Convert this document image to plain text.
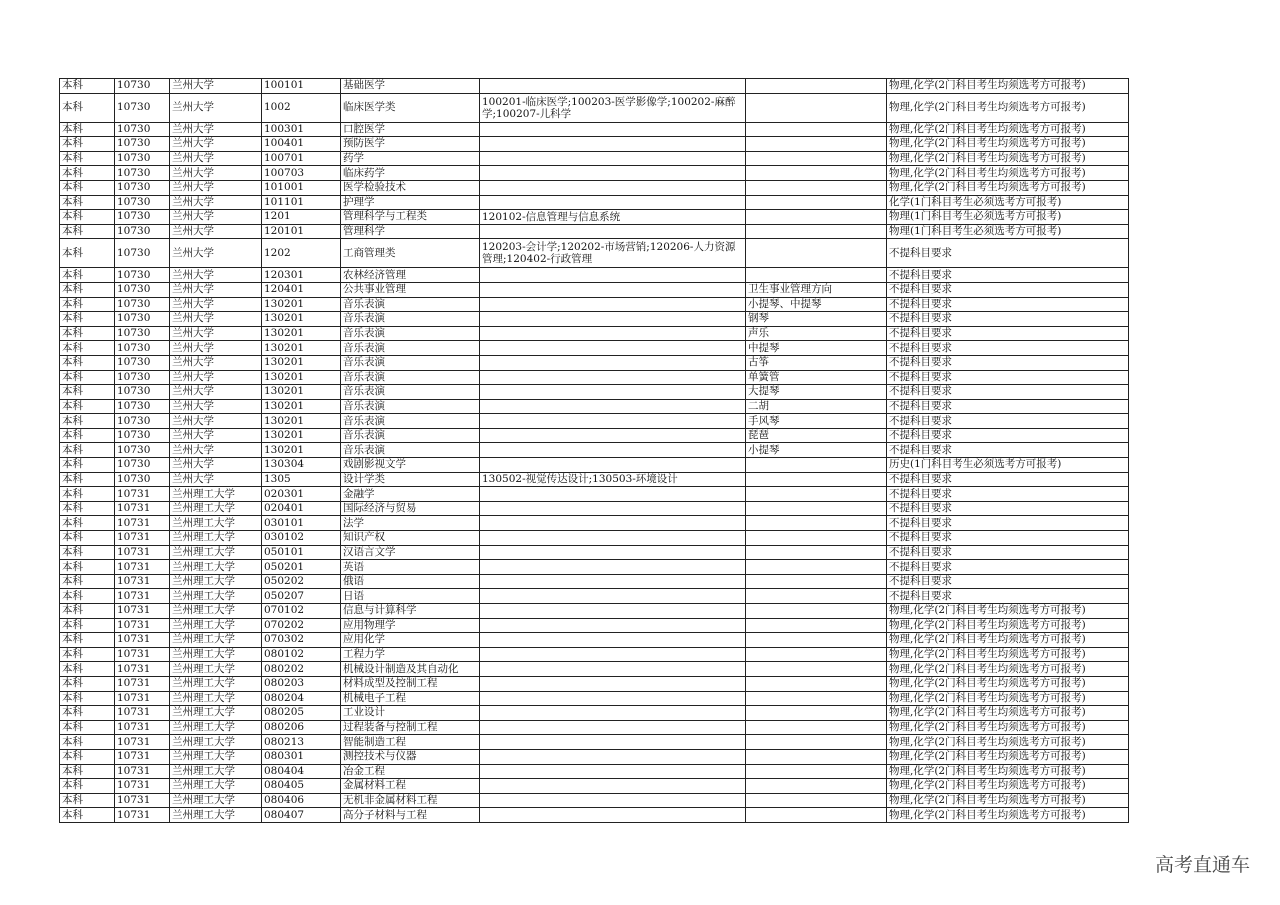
本科	10730	兰州大学	100101	基础医学			物理,化学(2门科目考生均须选考方可报考)
本科	10730	兰州大学	1002	临床医学类	100201-临床医学;100203-医学影像学;100202-麻醉学;100207-儿科学		物理,化学(2门科目考生均须选考方可报考)
本科	10730	兰州大学	100301	口腔医学			物理,化学(2门科目考生均须选考方可报考)
本科	10730	兰州大学	100401	预防医学			物理,化学(2门科目考生均须选考方可报考)
本科	10730	兰州大学	100701	药学			物理,化学(2门科目考生均须选考方可报考)
本科	10730	兰州大学	100703	临床药学			物理,化学(2门科目考生均须选考方可报考)
本科	10730	兰州大学	101001	医学检验技术			物理,化学(2门科目考生均须选考方可报考)
本科	10730	兰州大学	101101	护理学			化学(1门科目考生必须选考方可报考)
本科	10730	兰州大学	1201	管理科学与工程类	120102-信息管理与信息系统		物理(1门科目考生必须选考方可报考)
本科	10730	兰州大学	120101	管理科学			物理(1门科目考生必须选考方可报考)
本科	10730	兰州大学	1202	工商管理类	120203-会计学;120202-市场营销;120206-人力资源管理;120402-行政管理		不提科目要求
本科	10730	兰州大学	120301	农林经济管理			不提科目要求
本科	10730	兰州大学	120401	公共事业管理		卫生事业管理方向	不提科目要求
本科	10730	兰州大学	130201	音乐表演		小提琴、中提琴	不提科目要求
本科	10730	兰州大学	130201	音乐表演		钢琴	不提科目要求
本科	10730	兰州大学	130201	音乐表演		声乐	不提科目要求
本科	10730	兰州大学	130201	音乐表演		中提琴	不提科目要求
本科	10730	兰州大学	130201	音乐表演		古筝	不提科目要求
本科	10730	兰州大学	130201	音乐表演		单簧管	不提科目要求
本科	10730	兰州大学	130201	音乐表演		大提琴	不提科目要求
本科	10730	兰州大学	130201	音乐表演		二胡	不提科目要求
本科	10730	兰州大学	130201	音乐表演		手风琴	不提科目要求
本科	10730	兰州大学	130201	音乐表演		琵琶	不提科目要求
本科	10730	兰州大学	130201	音乐表演		小提琴	不提科目要求
本科	10730	兰州大学	130304	戏剧影视文学			历史(1门科目考生必须选考方可报考)
本科	10730	兰州大学	1305	设计学类	130502-视觉传达设计;130503-环境设计		不提科目要求
本科	10731	兰州理工大学	020301	金融学			不提科目要求
本科	10731	兰州理工大学	020401	国际经济与贸易			不提科目要求
本科	10731	兰州理工大学	030101	法学			不提科目要求
本科	10731	兰州理工大学	030102	知识产权			不提科目要求
本科	10731	兰州理工大学	050101	汉语言文学			不提科目要求
本科	10731	兰州理工大学	050201	英语			不提科目要求
本科	10731	兰州理工大学	050202	俄语			不提科目要求
本科	10731	兰州理工大学	050207	日语			不提科目要求
本科	10731	兰州理工大学	070102	信息与计算科学			物理,化学(2门科目考生均须选考方可报考)
本科	10731	兰州理工大学	070202	应用物理学			物理,化学(2门科目考生均须选考方可报考)
本科	10731	兰州理工大学	070302	应用化学			物理,化学(2门科目考生均须选考方可报考)
本科	10731	兰州理工大学	080102	工程力学			物理,化学(2门科目考生均须选考方可报考)
本科	10731	兰州理工大学	080202	机械设计制造及其自动化			物理,化学(2门科目考生均须选考方可报考)
本科	10731	兰州理工大学	080203	材料成型及控制工程			物理,化学(2门科目考生均须选考方可报考)
本科	10731	兰州理工大学	080204	机械电子工程			物理,化学(2门科目考生均须选考方可报考)
本科	10731	兰州理工大学	080205	工业设计			物理,化学(2门科目考生均须选考方可报考)
本科	10731	兰州理工大学	080206	过程装备与控制工程			物理,化学(2门科目考生均须选考方可报考)
本科	10731	兰州理工大学	080213	智能制造工程			物理,化学(2门科目考生均须选考方可报考)
本科	10731	兰州理工大学	080301	测控技术与仪器			物理,化学(2门科目考生均须选考方可报考)
本科	10731	兰州理工大学	080404	冶金工程			物理,化学(2门科目考生均须选考方可报考)
本科	10731	兰州理工大学	080405	金属材料工程			物理,化学(2门科目考生均须选考方可报考)
本科	10731	兰州理工大学	080406	无机非金属材料工程			物理,化学(2门科目考生均须选考方可报考)
本科	10731	兰州理工大学	080407	高分子材料与工程			物理,化学(2门科目考生均须选考方可报考)
高考直通车
